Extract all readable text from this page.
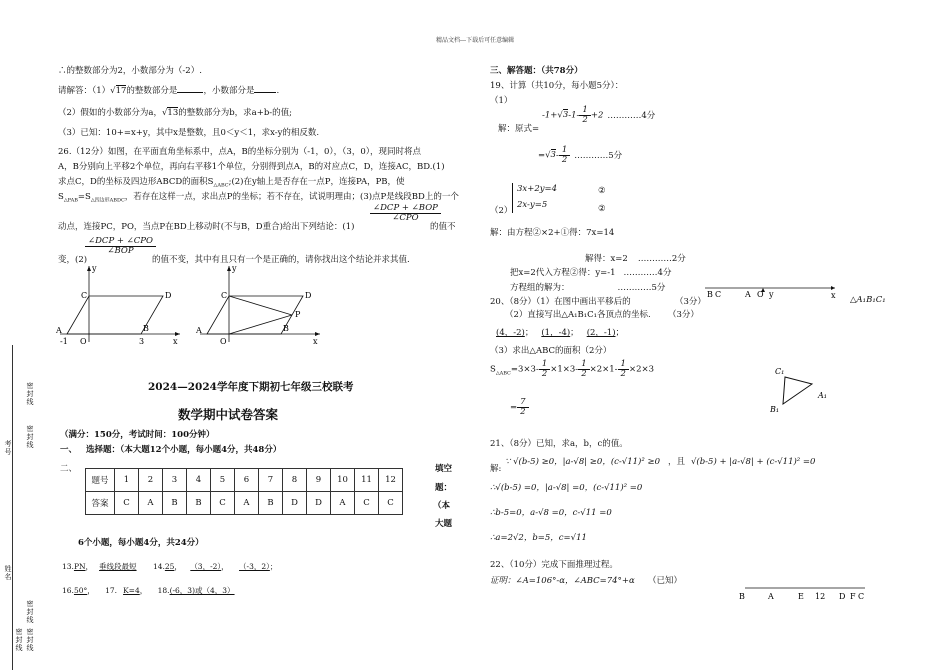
精品文档---下载后可任意编辑
∴的整数部分为2，小数部分为（-2）.
请解答：（1）√17的整数部分是	，小数部分是	.
（2）假如的小数部分为a，√13的整数部分为b，求a+b-的值;
（3）已知：10+=x+y，其中x是整数，且0＜y＜1，求x-y的相反数.
26.（12分）如图，在平面直角坐标系中，点A，B的坐标分别为（-1，0），（3，0），现同时将点
A，B分别向上平移2个单位，再向右平移1个单位，分别得到点A，B的对应点C，D，连接AC，BD.(1)
求点C，D的坐标及四边形ABCD的面积$S_{\triangle ABC};(2)$在y轴上是否存在一点P，连接PA，PB，使
$S_{\triangle PAB}=S_{\triangle 四边形ABDC}$，若存在这样一点，求出点P的坐标；若不存在，试说明理由；(3)点P是线段BD上的一个
动点，连接PC，PO，当点P在BD上移动时(不与B，D重合)给出下列结论：(1)
$\frac{\text{∠DCP + ∠BOP}}{\text{∠CPO}}$
的值不
变，(2)
$\frac{\text{∠DCP + ∠CPO}}{\text{∠BOP}}$
的值不变，其中有且只有一个是正确的，请你找出这个结论并求其值.
A
C	D
B
O
y
x
-1	3
A
C	D
P
B
O
y
x
2024—2024学年度下期初七年级三校联考
数学期中试卷答案
（满分：150分，考试时间：100分钟）
一、 选择题：（本大题12个小题，每小题4分，共48分）
二、
题号	1	2	3	4	5	6	7	8	9	10	11	12
答案	C	A	B	B	C	A	B	D	D	A	C	C
填空
题：
（本
大题
6个小题，每小题4分，共24分）
13.PN， 垂线段最短 14.25， （3，-2）， （-3，2）；
16.50°， 17. K=4， 18.(-6，3)或（4，3）
密封线
密封线
考号
姓名
密封线
密封线 密封线
三、解答题：（共78分）
19、计算（共10分，每小题5分）：
（1）
解：原式=
$-1+√3-1- \frac{1}{2} +2$ …………4分
$=√3- \frac{1}{2}$ …………5分
（2）
3x+2y=4
2x-y=5
②
②
解：由方程②×2+①得：7x=14
解得：x=2 …………2分
把x=2代入方程②得：y=-1 …………4分
方程组的解为：	…………5分
20、（8分）（1）在图中画出平移后的	（3分）
B C	A O y	x △A₁B₁C₁
（2）直接写出△A₁B₁C₁各顶点的坐标. （3分）
(4，-2)； (1，-4)； (2，-1)；
（3）求出△ABC的面积（2分）
$S_{\triangle ABC}=3\times 3- \frac{1}{2} \times 1\times 3- \frac{1}{2} \times 2\times 1- \frac{1}{2} \times 2\times 3$
= $\frac{7}{2}$
C₁
A₁
B₁
21、（8分）已知，求a，b，c的值。
解:
∵ √(b-5) ≥0，|a-√8| ≥0，(c-√11)² ≥0 ，且 √(b-5) + |a-√8| + (c-√11)² =0
∴√(b-5) =0，|a-√8| =0，(c-√11)² =0
∴b-5=0，a-√8 =0，c-√11 =0
∴a=2√2，b=5，c=√11
22、（10分）完成下面推理过程。
证明：∠A=106°-α，∠ABC=74°+α （已知）
B	A	E 12 D F C
